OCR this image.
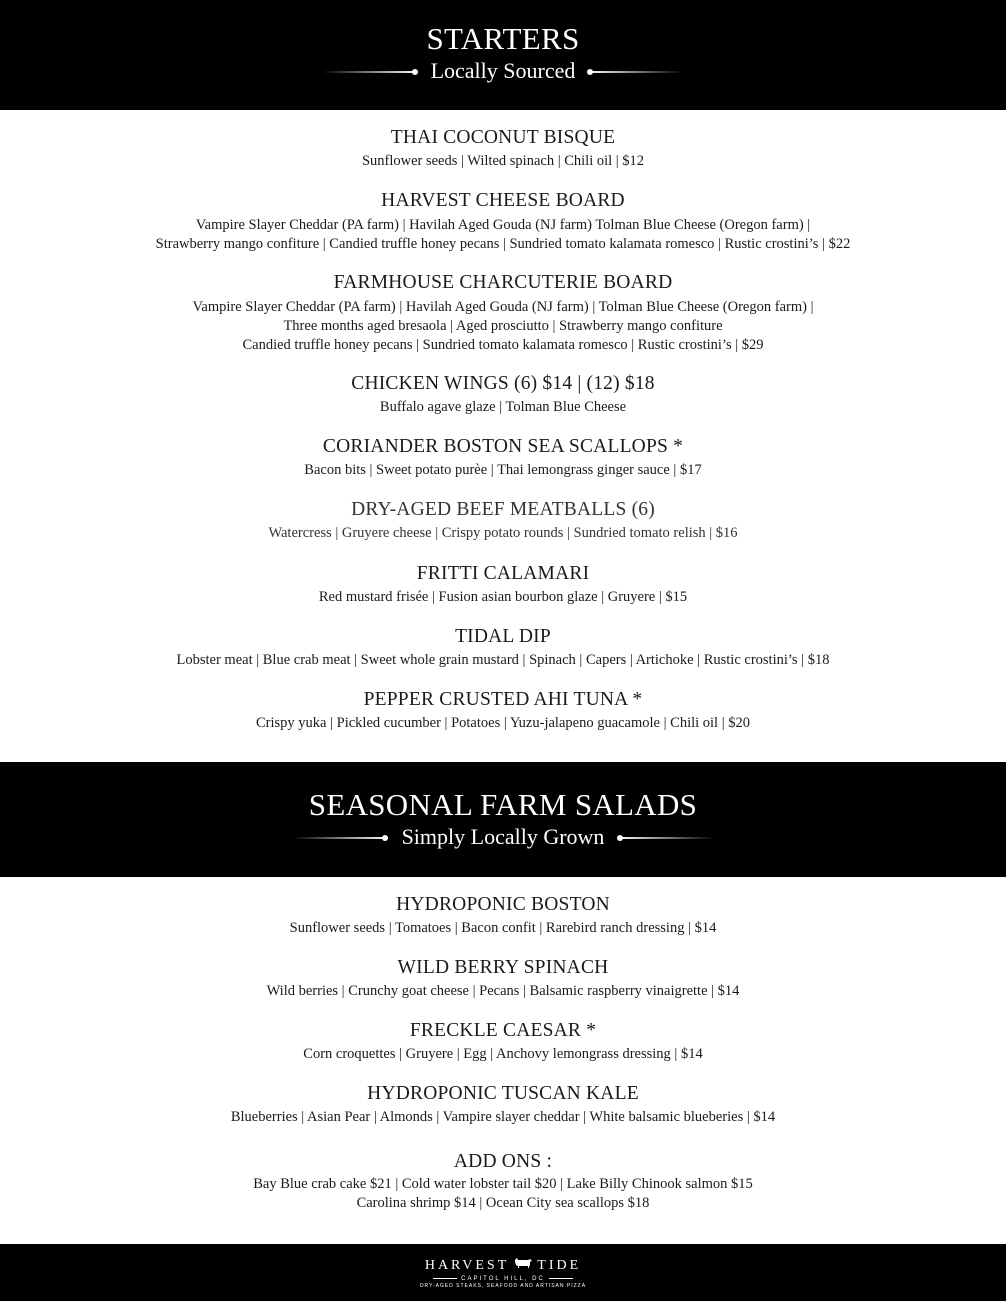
STARTERS
Locally Sourced
THAI COCONUT BISQUE
Sunflower seeds | Wilted spinach | Chili oil | $12
HARVEST CHEESE BOARD
Vampire Slayer Cheddar (PA farm) | Havilah Aged Gouda (NJ farm) Tolman Blue Cheese (Oregon farm) |
Strawberry mango confiture | Candied truffle honey pecans | Sundried tomato kalamata romesco | Rustic crostini’s | $22
FARMHOUSE CHARCUTERIE BOARD
Vampire Slayer Cheddar (PA farm) | Havilah Aged Gouda (NJ farm) | Tolman Blue Cheese (Oregon farm) |
Three months aged bresaola | Aged prosciutto | Strawberry mango confiture
Candied truffle honey pecans | Sundried tomato kalamata romesco | Rustic crostini’s | $29
CHICKEN WINGS (6) $14 | (12) $18
Buffalo agave glaze | Tolman Blue Cheese
CORIANDER BOSTON SEA SCALLOPS *
Bacon bits | Sweet potato purèe | Thai lemongrass ginger sauce | $17
DRY-AGED BEEF MEATBALLS (6)
Watercress | Gruyere cheese | Crispy potato rounds | Sundried tomato relish | $16
FRITTI CALAMARI
Red mustard frisée | Fusion asian bourbon glaze | Gruyere | $15
TIDAL DIP
Lobster meat | Blue crab meat | Sweet whole grain mustard | Spinach | Capers | Artichoke | Rustic crostini’s | $18
PEPPER CRUSTED AHI TUNA *
Crispy yuka | Pickled cucumber | Potatoes | Yuzu-jalapeno guacamole | Chili oil | $20
SEASONAL FARM SALADS
Simply Locally Grown
HYDROPONIC BOSTON
Sunflower seeds | Tomatoes | Bacon confit | Rarebird ranch dressing | $14
WILD BERRY SPINACH
Wild berries | Crunchy goat cheese | Pecans | Balsamic raspberry vinaigrette | $14
FRECKLE CAESAR *
Corn croquettes | Gruyere | Egg | Anchovy lemongrass dressing | $14
HYDROPONIC TUSCAN KALE
Blueberries | Asian Pear | Almonds | Vampire slayer cheddar | White balsamic blueberies | $14
ADD ONS :
Bay Blue crab cake $21 | Cold water lobster tail $20 | Lake Billy Chinook salmon $15
Carolina shrimp $14 | Ocean City sea scallops $18
HARVEST TIDE
CAPITOL HILL, DC
DRY-AGED STEAKS, SEAFOOD AND ARTISAN PIZZA
